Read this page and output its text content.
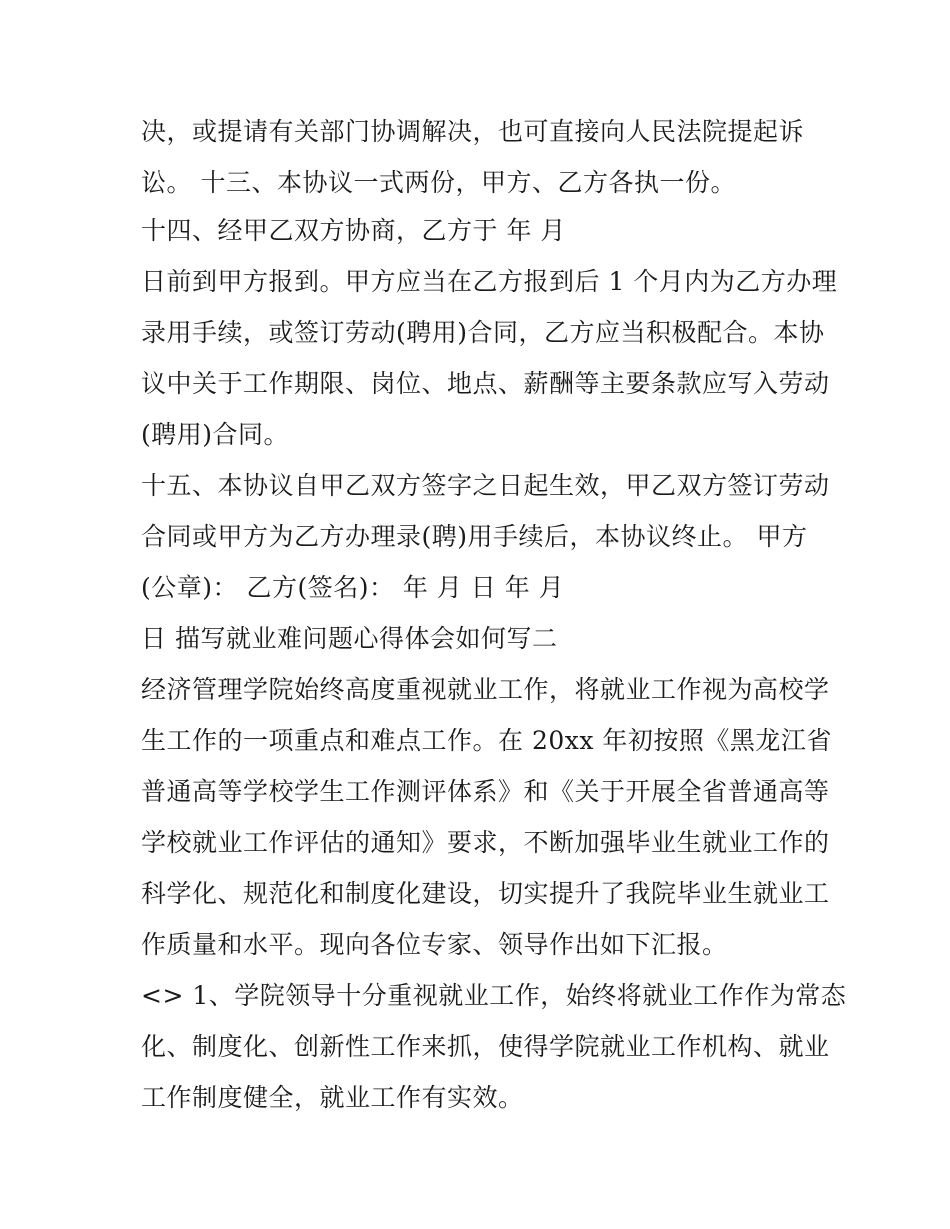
决，或提请有关部门协调解决，也可直接向人民法院提起诉
讼。 十三、本协议一式两份，甲方、乙方各执一份。
十四、经甲乙双方协商，乙方于 年 月
日前到甲方报到。甲方应当在乙方报到后 1 个月内为乙方办理
录用手续，或签订劳动(聘用)合同，乙方应当积极配合。本协
议中关于工作期限、岗位、地点、薪酬等主要条款应写入劳动
(聘用)合同。
十五、本协议自甲乙双方签字之日起生效，甲乙双方签订劳动
合同或甲方为乙方办理录(聘)用手续后，本协议终止。 甲方
(公章)： 乙方(签名)： 年 月 日 年 月
日 描写就业难问题心得体会如何写二
经济管理学院始终高度重视就业工作，将就业工作视为高校学
生工作的一项重点和难点工作。在 20xx 年初按照《黑龙江省
普通高等学校学生工作测评体系》和《关于开展全省普通高等
学校就业工作评估的通知》要求，不断加强毕业生就业工作的
科学化、规范化和制度化建设，切实提升了我院毕业生就业工
作质量和水平。现向各位专家、领导作出如下汇报。
<> 1、学院领导十分重视就业工作，始终将就业工作作为常态
化、制度化、创新性工作来抓，使得学院就业工作机构、就业
工作制度健全，就业工作有实效。
